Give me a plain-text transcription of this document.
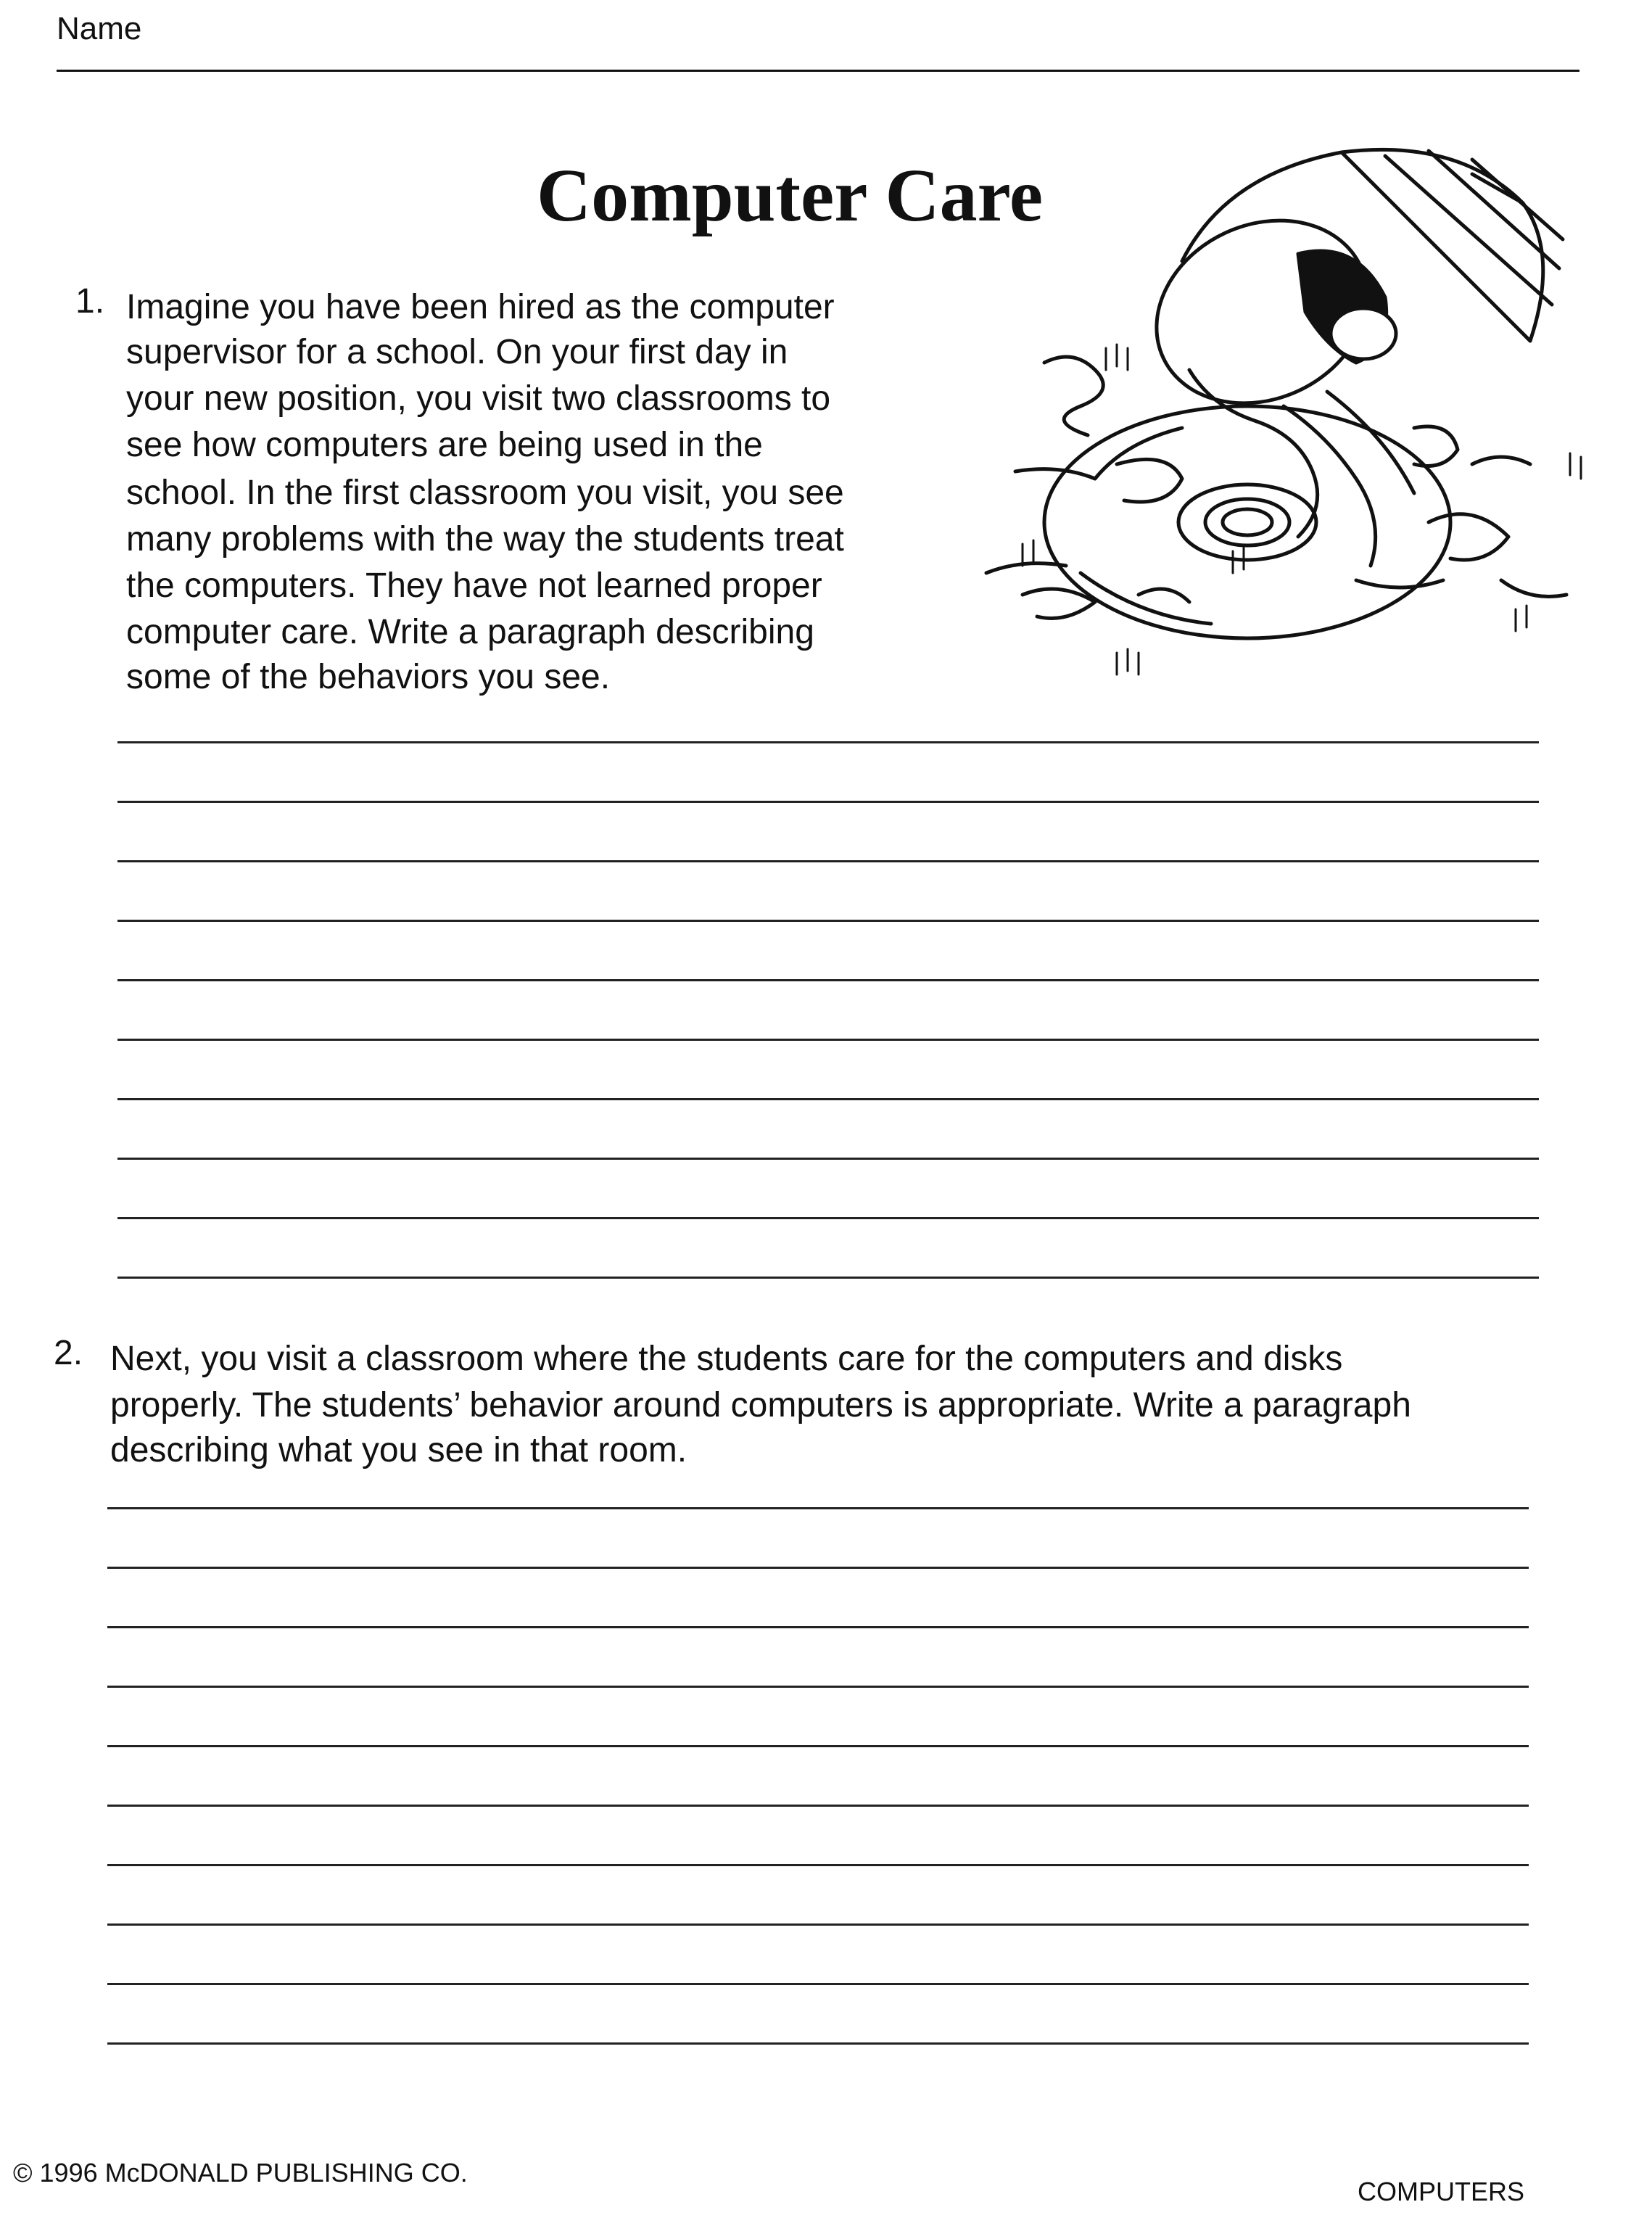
Name
Computer Care
1. Imagine you have been hired as the computer
supervisor for a school. On your first day in
your new position, you visit two classrooms to
see how computers are being used in the
school. In the first classroom you visit, you see
many problems with the way the students treat
the computers. They have not learned proper
computer care. Write a paragraph describing
some of the behaviors you see.
2. Next, you visit a classroom where the students care for the computers and disks
properly. The students’ behavior around computers is appropriate. Write a paragraph
describing what you see in that room.
© 1996 McDONALD PUBLISHING CO.
COMPUTERS
